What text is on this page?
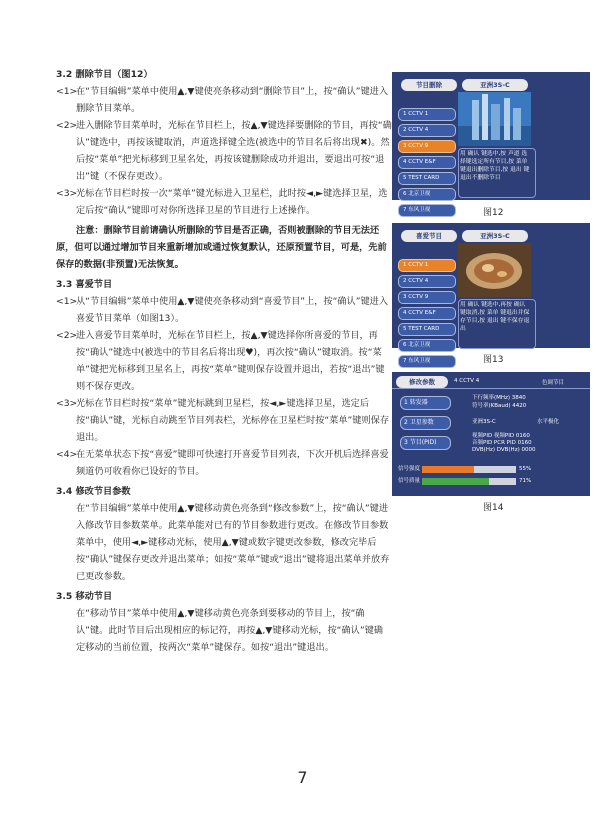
3.2 删除节目（图12）

<1>
在“节目编辑”菜单中使用▲,▼键使亮条移动到“删除节目”上，按“确认”键进入删除节目菜单。
<2>
进入删除节目菜单时，光标在节目栏上，按▲,▼键选择要删除的节目，再按“确认”键选中，再按该键取消，声道选择键全选(被选中的节目名后将出现✖)。然后按“菜单”把光标移到卫星名处，再按该键删除成功并退出，要退出可按“退出”键（不保存更改）。
<3>
光标在节目栏时按一次“菜单”键光标进入卫星栏，此时按◄,►键选择卫星，选定后按“确认”键即可对你所选择卫星的节目进行上述操作。

注意：删除节目前请确认所删除的节目是否正确，否则被删除的节目无法还原，但可以通过增加节目来重新增加或通过恢复默认，还原预置节目，可是，先前保存的数据(非预置)无法恢复。

3.3 喜爱节目

<1>
从“节目编辑”菜单中使用▲,▼键使亮条移动到“喜爱节目”上，按“确认”键进入喜爱节目菜单（如图13）。
<2>
进入喜爱节目菜单时，光标在节目栏上，按▲,▼键选择你所喜爱的节目，再按“确认”键选中(被选中的节目名后将出现♥)，再次按“确认”键取消。按“菜单”键把光标移到卫星名上，再按“菜单”键则保存设置并退出，若按“退出”键则不保存更改。
<3>
光标在节目栏时按“菜单”键光标跳到卫星栏，按◄,►键选择卫星，选定后按“确认”键，光标自动跳至节目列表栏，光标停在卫星栏时按“菜单”键则保存退出。
<4>
在无菜单状态下按“喜爱”键即可快速打开喜爱节目列表，下次开机后选择喜爱频道仍可收看你已设好的节目。

3.4 修改节目参数

在“节目编辑”菜单中使用▲,▼键移动黄色亮条到“修改参数”上，按“确认”键进入修改节目参数菜单。此菜单能对已有的节目参数进行更改。在修改节目参数菜单中，使用◄,►键移动光标，使用▲,▼键或数字键更改参数，修改完毕后按“确认”键保存更改并退出菜单；如按“菜单”键或“退出”键将退出菜单并放弃已更改参数。

3.5 移动节目

在“移动节目”菜单中使用▲,▼键移动黄色亮条到要移动的节目上，按“确认”键。此时节目后出现相应的标记符，再按▲,▼键移动光标，按“确认”键确定移动的当前位置，按两次“菜单”键保存。如按“退出”键退出。

节目删除	亚洲3S-C
1 CCTV 1
2 CCTV 4
3 CCTV 9
4 CCTV E&F
5 TEST CARD
6 北京卫视
7 东风卫视
用 确认 键选中,按 声道 选择键选定所有节目,按 菜单 键退出删除节目,按 退出 键退出不删除节目
图12
喜爱节目	亚洲3S-C
1 CCTV 1
2 CCTV 4
3 CCTV 9
4 CCTV E&F
5 TEST CARD
6 北京卫视
7 东风卫视
用 确认 键选中,再按 确认 键取消,按 菜单 键退出并保存节目,按 退出 键不保存退出
图13
修改参数	4 CCTV 4	色调节目
1 转发器
下行频率(MHz) 3840
符号率(KBaud) 4420
2 卫星参数	亚洲3S-C	水平极化
3 节目(PID)
视频PID 视频PID 0160
音频PID PCR PID 0160
DVB(Hz) DVB(Hz) 0000
信号强度	55%
信号质量	71%
图14
7
